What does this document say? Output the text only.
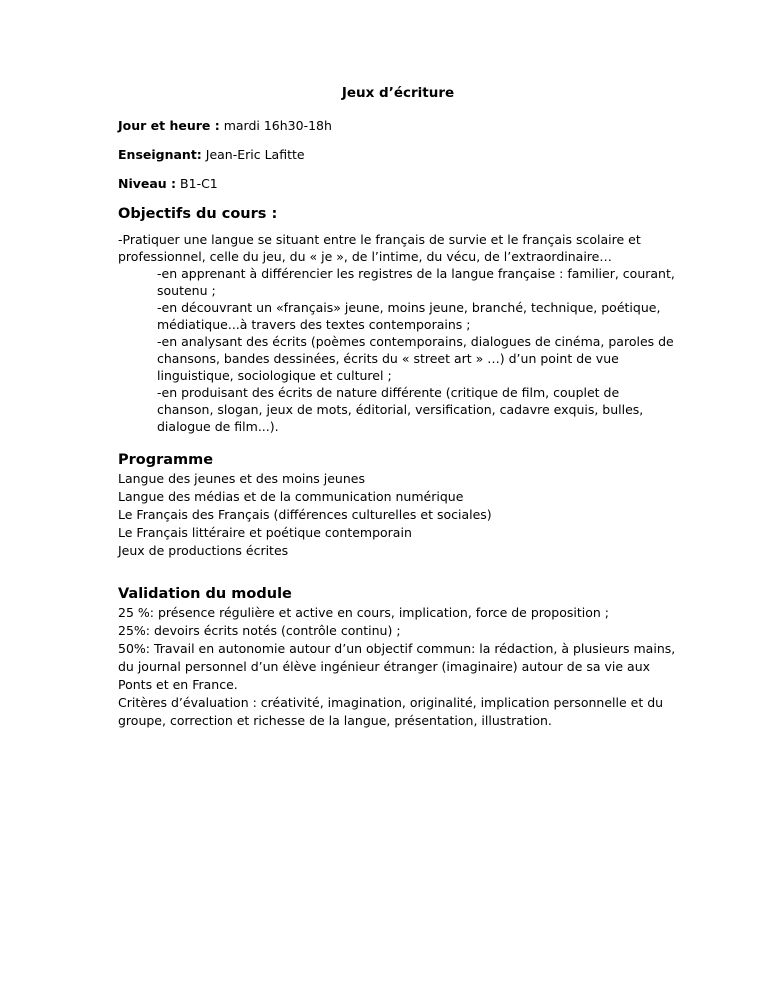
Jeux d’écriture
Jour et heure : mardi 16h30-18h
Enseignant: Jean-Eric Lafitte
Niveau : B1-C1
Objectifs du cours :

-Pratiquer une langue se situant entre le français de survie et le français scolaire et professionnel, celle du jeu, du « je », de l’intime, du vécu, de l’extraordinaire…

-en apprenant à différencier les registres de la langue française : familier, courant, soutenu ;

-en découvrant un «français» jeune, moins jeune, branché, technique, poétique, médiatique...à travers des textes contemporains ;

-en analysant des écrits (poèmes contemporains, dialogues de cinéma, paroles de chansons, bandes dessinées, écrits du « street art » …) d’un point de vue linguistique, sociologique et culturel ;

-en produisant des écrits de nature différente (critique de film, couplet de chanson, slogan, jeux de mots, éditorial, versification, cadavre exquis, bulles, dialogue de film...).

Programme

Langue des jeunes et des moins jeunes

Langue des médias et de la communication numérique

Le Français des Français (différences culturelles et sociales)

Le Français littéraire et poétique contemporain

Jeux de productions écrites

Validation du module

25 %: présence régulière et active en cours, implication, force de proposition ;

25%: devoirs écrits notés (contrôle continu) ;

50%: Travail en autonomie autour d’un objectif commun: la rédaction, à plusieurs mains, du journal personnel d’un élève ingénieur étranger (imaginaire) autour de sa vie aux Ponts et en France.

Critères d’évaluation : créativité, imagination, originalité, implication personnelle et du groupe, correction et richesse de la langue, présentation, illustration.
